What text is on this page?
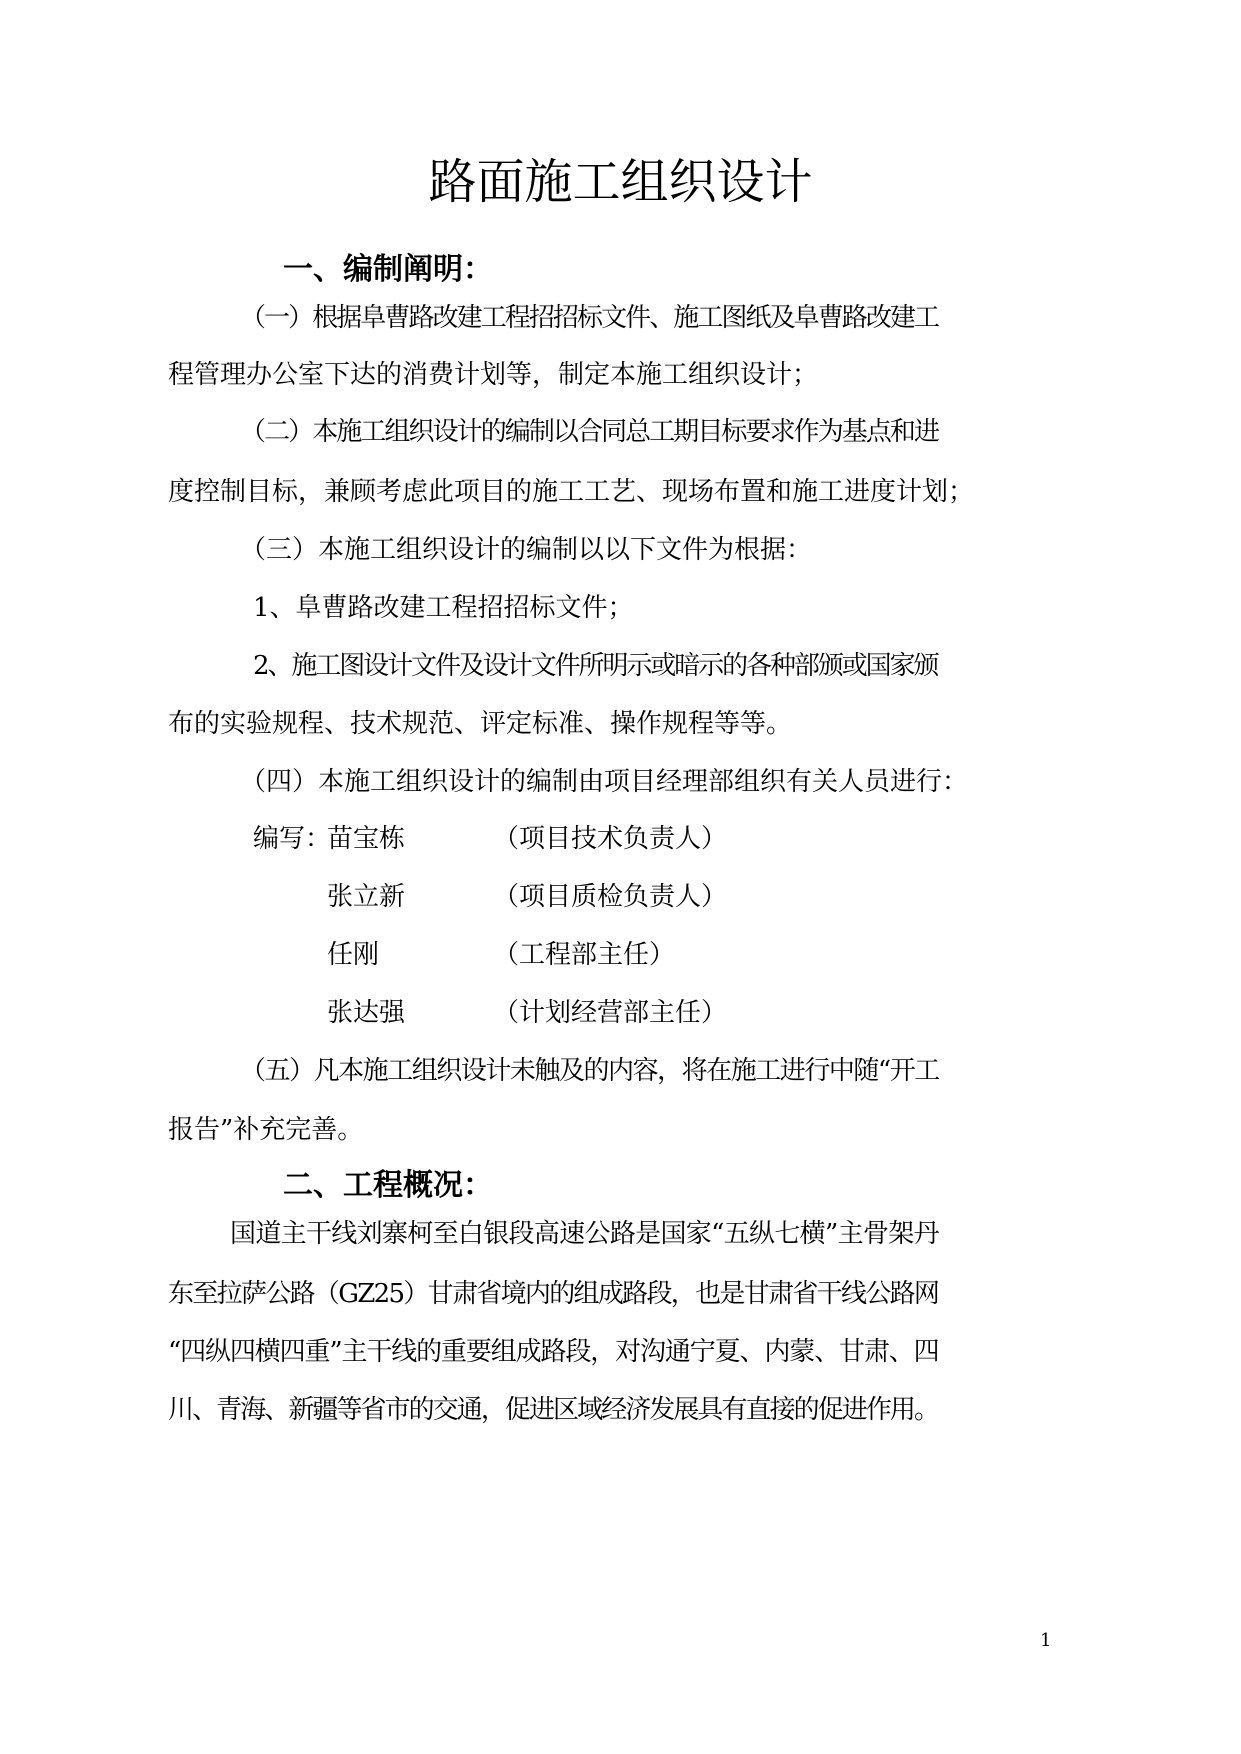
路面施工组织设计
一、编制阐明：
（一）根据阜曹路改建工程招招标文件、施工图纸及阜曹路改建工
程管理办公室下达的消费计划等，制定本施工组织设计；
（二）本施工组织设计的编制以合同总工期目标要求作为基点和进
度控制目标，兼顾考虑此项目的施工工艺、现场布置和施工进度计划；
（三）本施工组织设计的编制以以下文件为根据：
1、阜曹路改建工程招招标文件；
2、施工图设计文件及设计文件所明示或暗示的各种部颁或国家颁
布的实验规程、技术规范、评定标准、操作规程等等。
（四）本施工组织设计的编制由项目经理部组织有关人员进行：
编写：
苗宝栋	（项目技术负责人）
张立新	（项目质检负责人）
任刚	（工程部主任）
张达强	（计划经营部主任）
（五）凡本施工组织设计未触及的内容，将在施工进行中随“开工
报告”补充完善。
二、工程概况：
国道主干线刘寨柯至白银段高速公路是国家“五纵七横”主骨架丹
东至拉萨公路（GZ25）甘肃省境内的组成路段，也是甘肃省干线公路网
“四纵四横四重”主干线的重要组成路段，对沟通宁夏、内蒙、甘肃、四
川、青海、新疆等省市的交通，促进区域经济发展具有直接的促进作用。
1
